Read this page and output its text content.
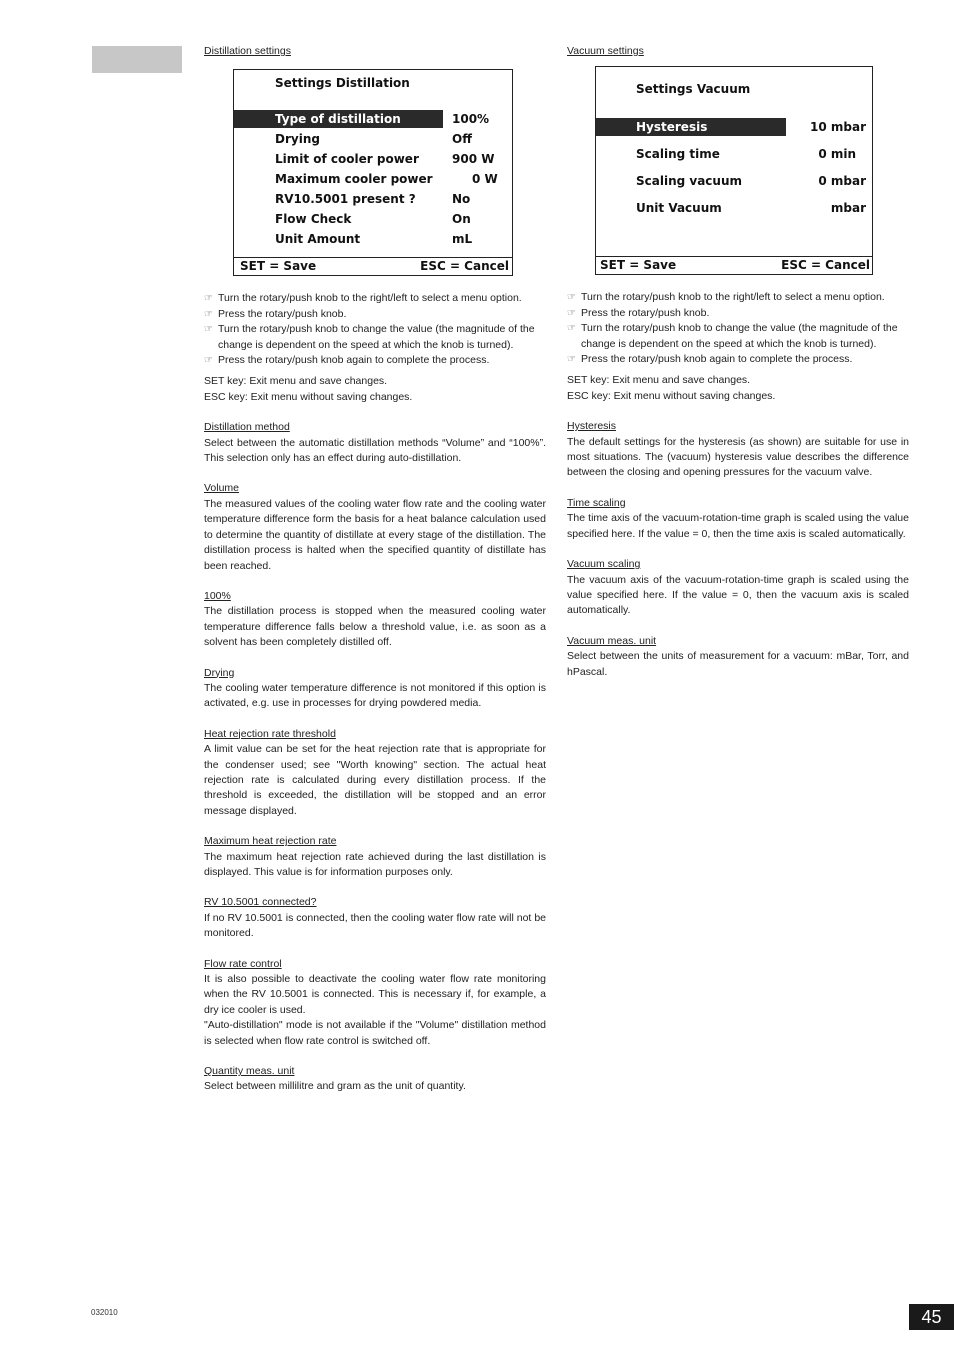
Distillation settings
Settings Distillation
Type of distillation	100%
Drying	Off
Limit of cooler power	900 W
Maximum cooler power	0 W
RV10.5001 present ?	No
Flow Check	On
Unit Amount	mL
SET = Save	ESC = Cancel
☞ Turn the rotary/push knob to the right/left to select a menu option.
☞ Press the rotary/push knob.
☞ Turn the rotary/push knob to change the value (the magnitude of the change is dependent on the speed at which the knob is turned).
☞ Press the rotary/push knob again to complete the process.
SET key: Exit menu and save changes.
ESC key: Exit menu without saving changes.
Distillation method

Select between the automatic distillation methods “Volume” and “100%”. This selection only has an effect during auto-distillation.

Volume

The measured values of the cooling water flow rate and the cooling water temperature difference form the basis for a heat balance calculation used to determine the quantity of distillate at every stage of the distillation. The distillation process is halted when the specified quantity of distillate has been reached.

100%

The distillation process is stopped when the measured cooling water temperature difference falls below a threshold value, i.e. as soon as a solvent has been completely distilled off.

Drying

The cooling water temperature difference is not monitored if this option is activated, e.g. use in processes for drying powdered media.

Heat rejection rate threshold

A limit value can be set for the heat rejection rate that is appropriate for the condenser used; see "Worth knowing" section. The actual heat rejection rate is calculated during every distillation process. If the threshold is exceeded, the distillation will be stopped and an error message displayed.

Maximum heat rejection rate

The maximum heat rejection rate achieved during the last distillation is displayed. This value is for information purposes only.

RV 10.5001 connected?

If no RV 10.5001 is connected, then the cooling water flow rate will not be monitored.

Flow rate control

It is also possible to deactivate the cooling water flow rate monitoring when the RV 10.5001 is connected. This is necessary if, for example, a dry ice cooler is used.

"Auto-distillation" mode is not available if the "Volume" distillation method is selected when flow rate control is switched off.

Quantity meas. unit

Select between millilitre and gram as the unit of quantity.

Vacuum settings
Settings Vacuum
Hysteresis	10 mbar
Scaling time	0 min
Scaling vacuum	0 mbar
Unit Vacuum	mbar
SET = Save	ESC = Cancel
☞ Turn the rotary/push knob to the right/left to select a menu option.
☞ Press the rotary/push knob.
☞ Turn the rotary/push knob to change the value (the magnitude of the change is dependent on the speed at which the knob is turned).
☞ Press the rotary/push knob again to complete the process.
SET key: Exit menu and save changes.
ESC key: Exit menu without saving changes.
Hysteresis

The default settings for the hysteresis (as shown) are suitable for use in most situations. The (vacuum) hysteresis value describes the difference between the closing and opening pressures for the vacuum valve.

Time scaling

The time axis of the vacuum-rotation-time graph is scaled using the value specified here. If the value = 0, then the time axis is scaled automatically.

Vacuum scaling

The vacuum axis of the vacuum-rotation-time graph is scaled using the value specified here. If the value = 0, then the vacuum axis is scaled automatically.

Vacuum meas. unit

Select between the units of measurement for a vacuum: mBar, Torr, and hPascal.

032010	45
